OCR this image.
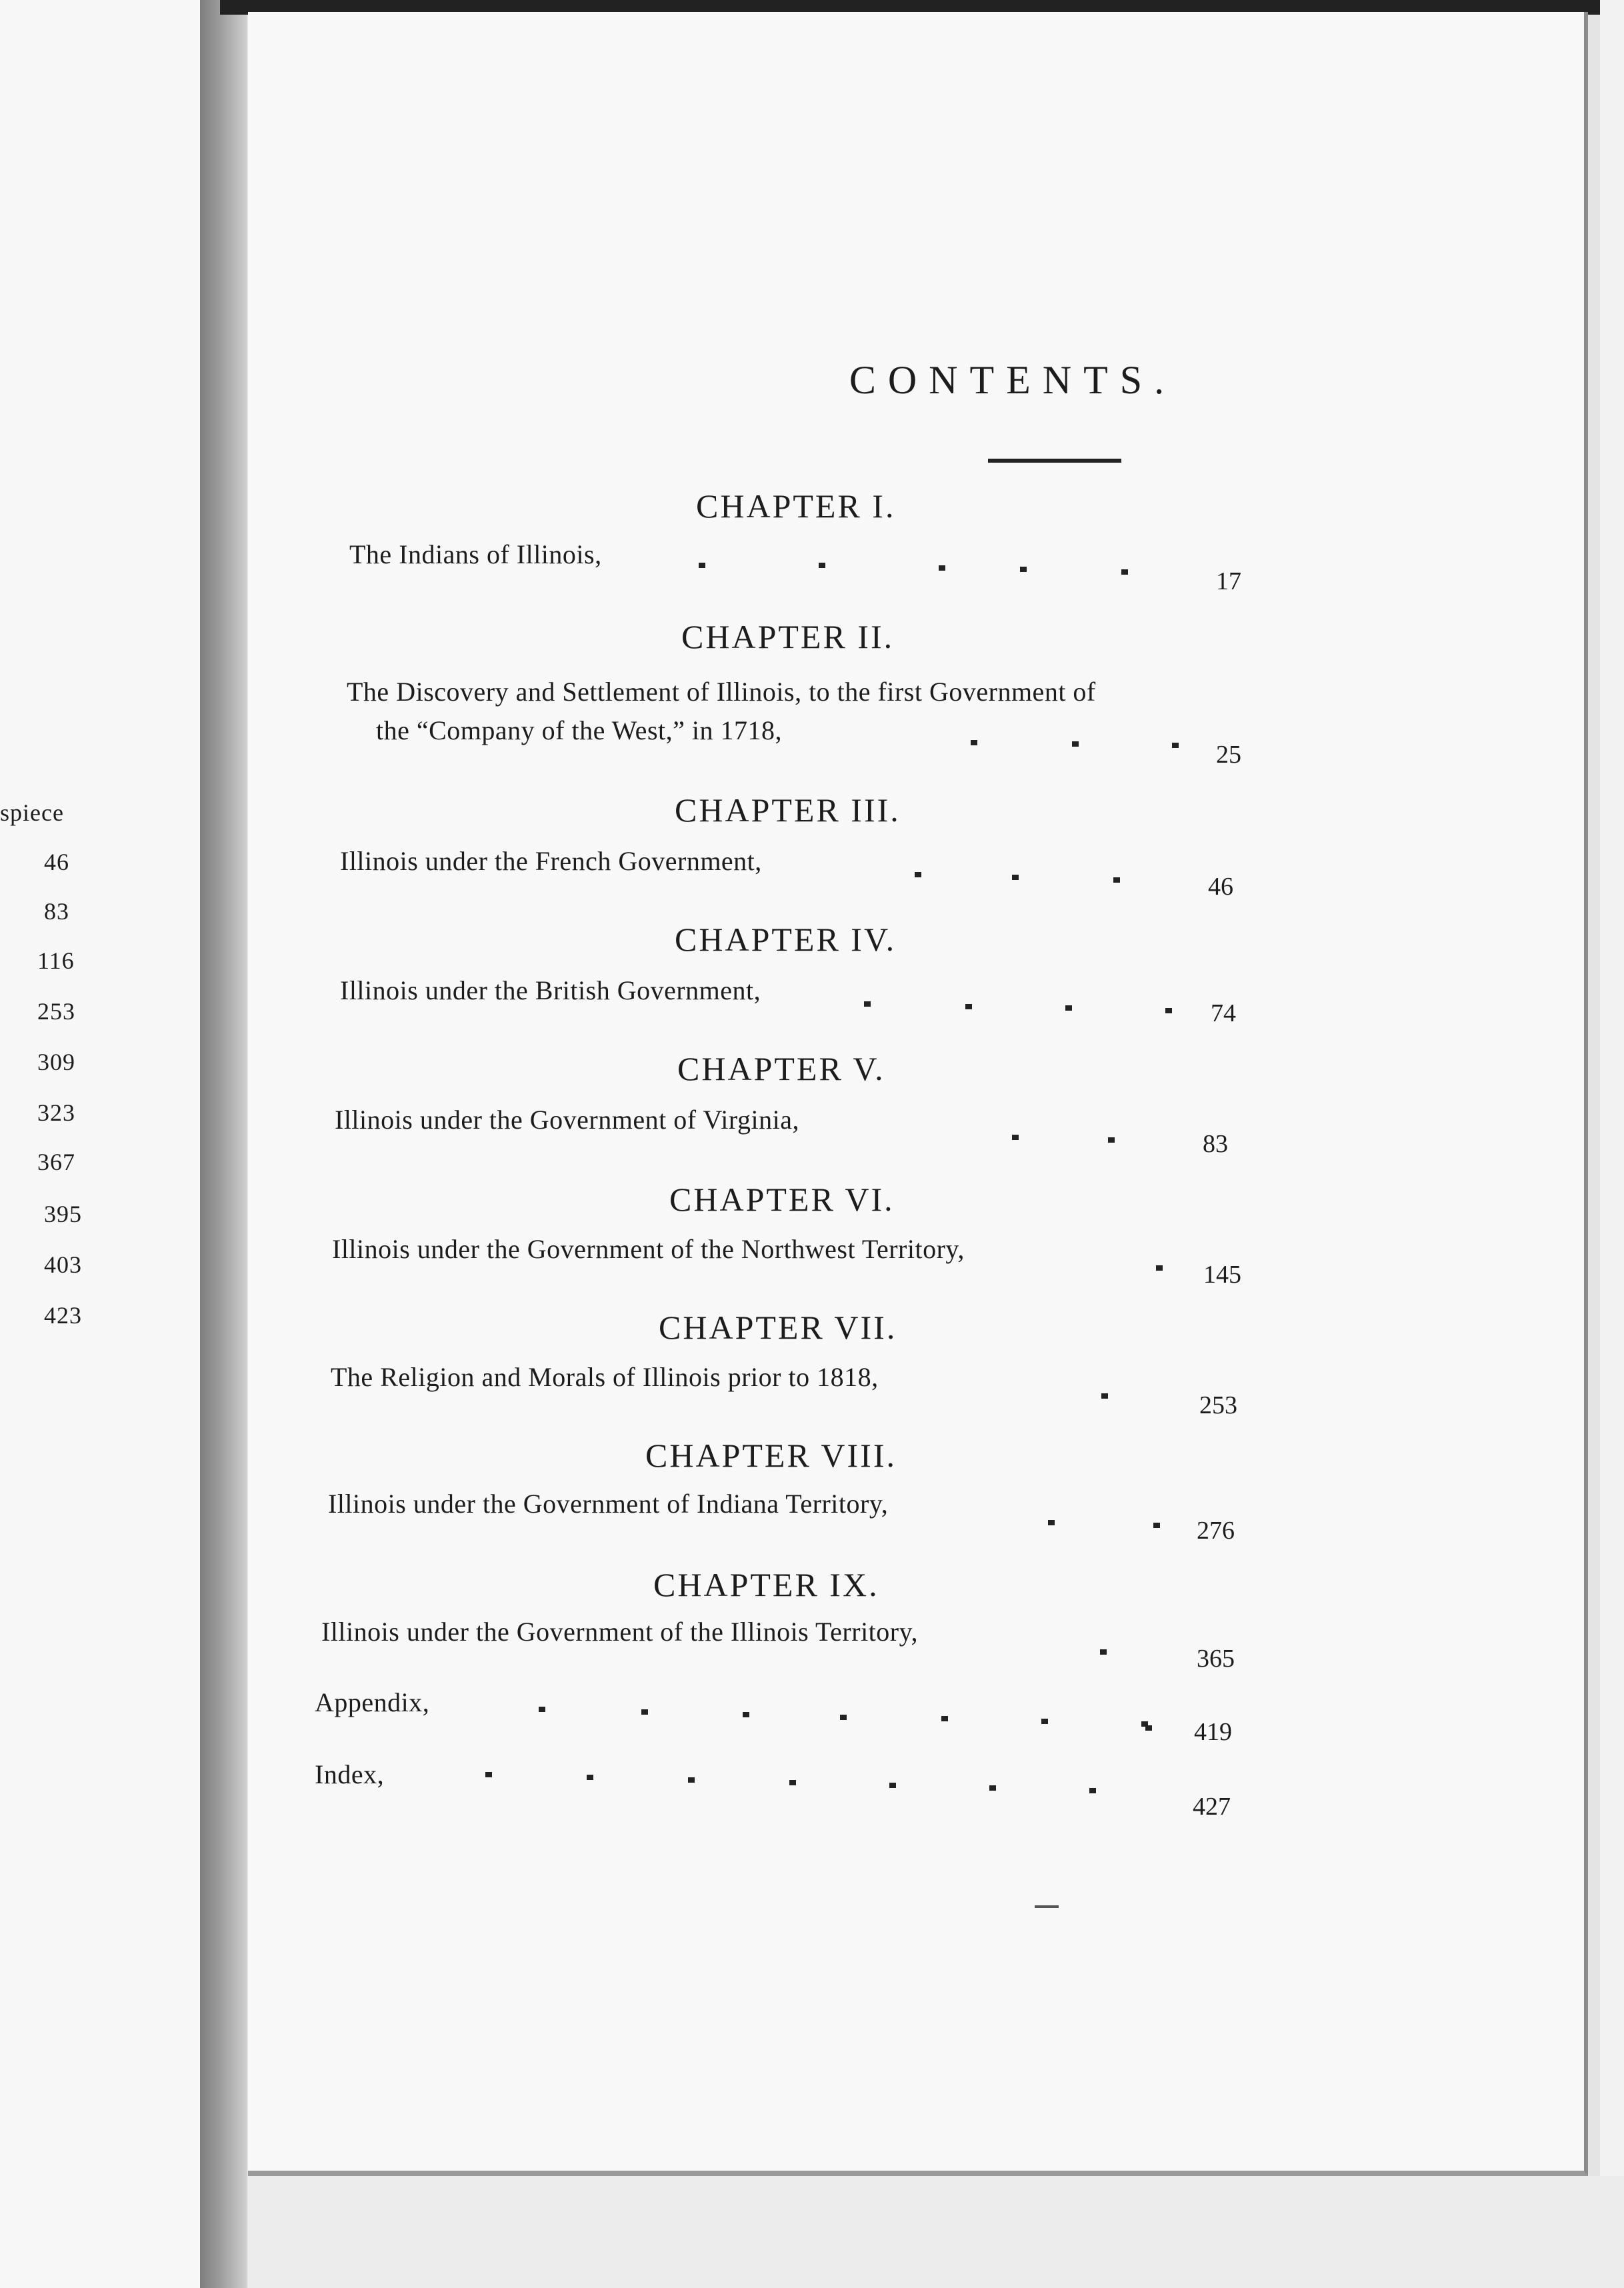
spiece
46
83
116
253
309
323
367
395
403
423
CONTENTS.
CHAPTER I.
The Indians of Illinois,
17
CHAPTER II.
The Discovery and Settlement of Illinois, to the first Government of
the “Company of the West,” in 1718,
25
CHAPTER III.
Illinois under the French Government,
46
CHAPTER IV.
Illinois under the British Government,
74
CHAPTER V.
Illinois under the Government of Virginia,
83
CHAPTER VI.
Illinois under the Government of the Northwest Territory,
145
CHAPTER VII.
The Religion and Morals of Illinois prior to 1818,
253
CHAPTER VIII.
Illinois under the Government of Indiana Territory,
276
CHAPTER IX.
Illinois under the Government of the Illinois Territory,
365
Appendix,
419
Index,
427
